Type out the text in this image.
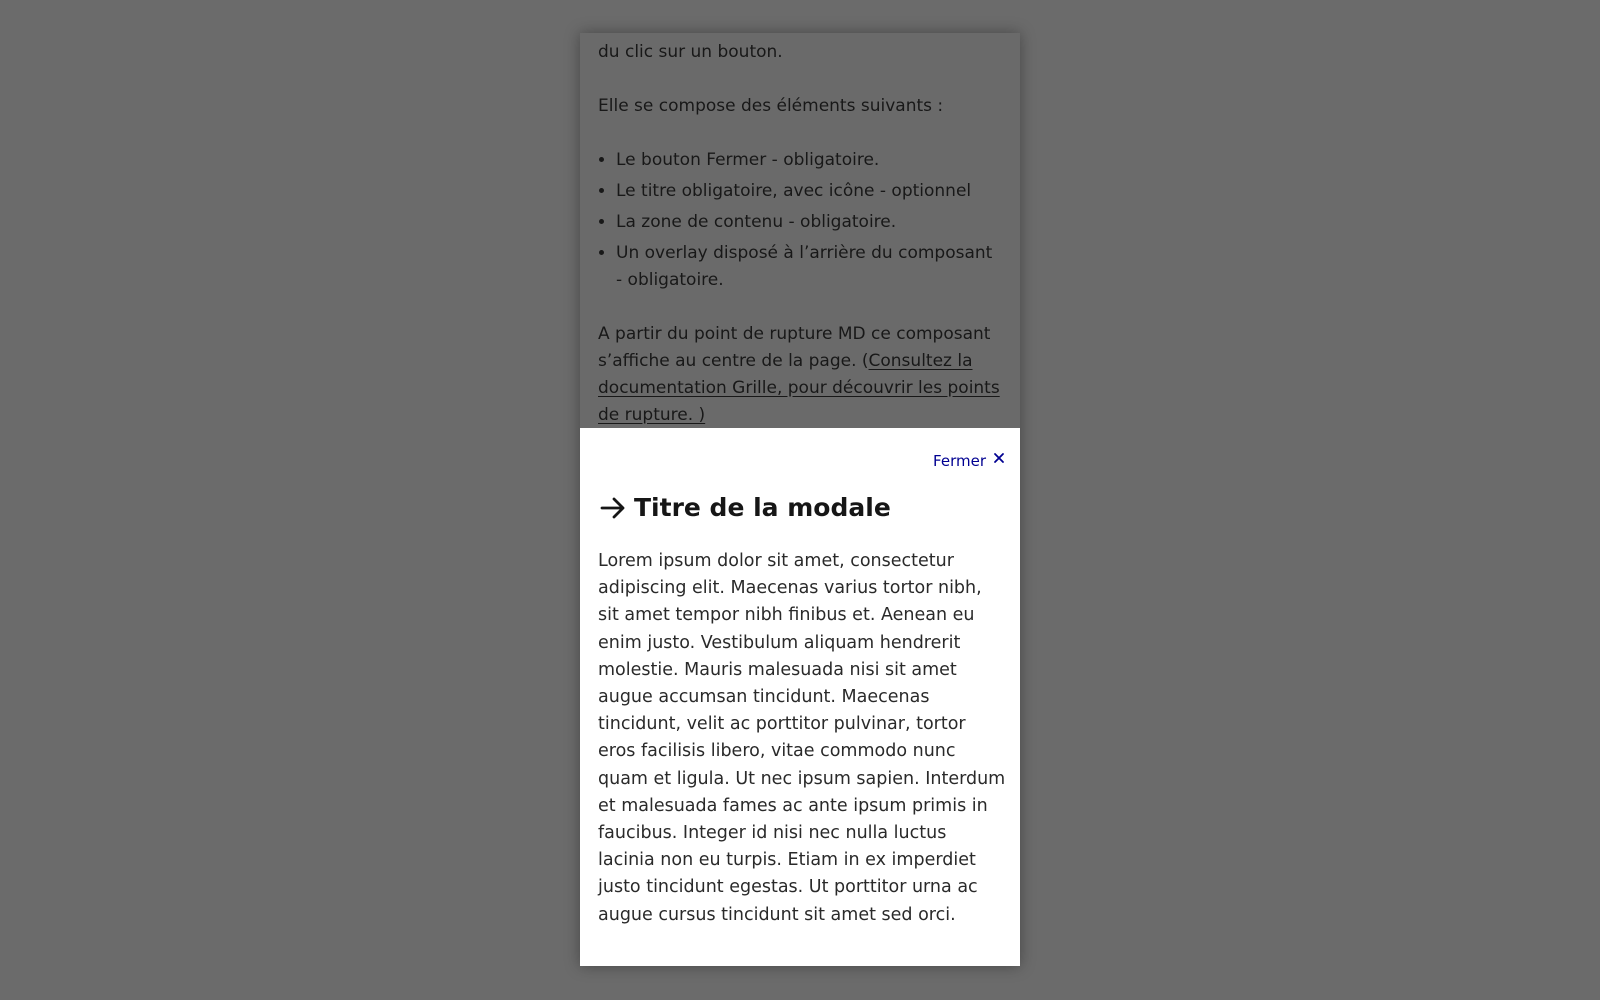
•
•
•
•

Fermer
Titre de la modale

Lorem ipsum dolor sit amet, consectetur adipiscing elit. Maecenas varius tortor nibh, sit amet tempor nibh finibus et. Aenean eu enim justo. Vestibulum aliquam hendrerit molestie. Mauris malesuada nisi sit amet augue accumsan tincidunt. Maecenas tincidunt, velit ac porttitor pulvinar, tortor eros facilisis libero, vitae commodo nunc quam et ligula. Ut nec ipsum sapien. Interdum et malesuada fames ac ante ipsum primis in faucibus. Integer id nisi nec nulla luctus lacinia non eu turpis. Etiam in ex imperdiet justo tincidunt egestas. Ut porttitor urna ac augue cursus tincidunt sit amet sed orci.
